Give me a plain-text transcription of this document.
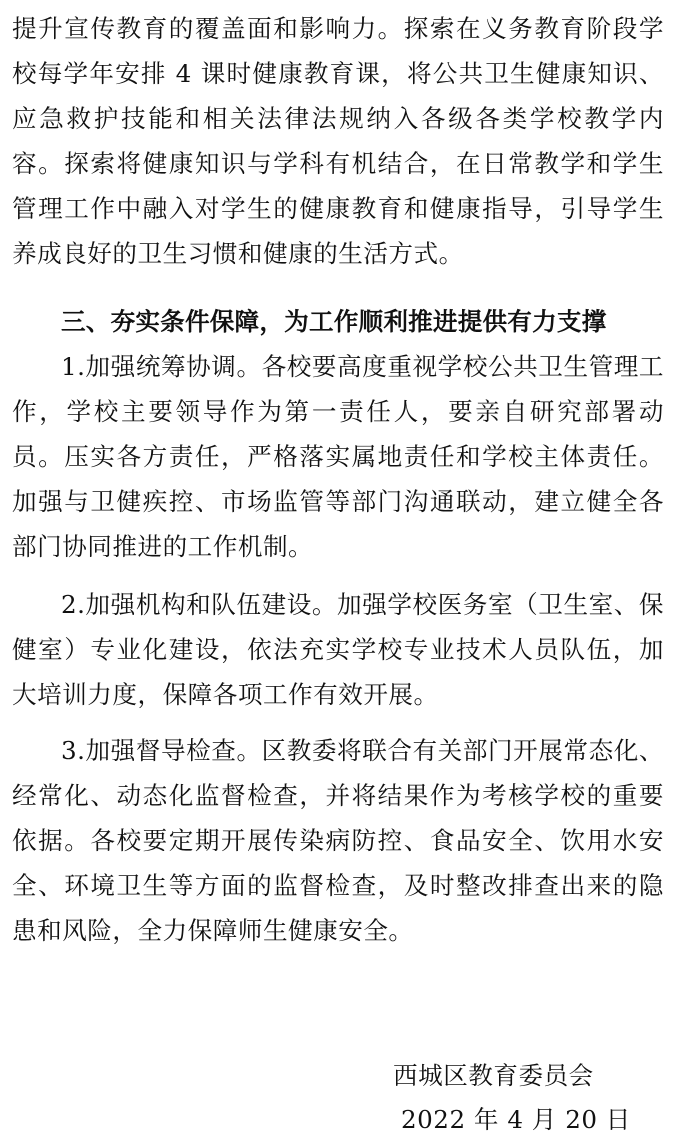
提升宣传教育的覆盖面和影响力。探索在义务教育阶段学校每学年安排 4 课时健康教育课，将公共卫生健康知识、应急救护技能和相关法律法规纳入各级各类学校教学内容。探索将健康知识与学科有机结合，在日常教学和学生管理工作中融入对学生的健康教育和健康指导，引导学生养成良好的卫生习惯和健康的生活方式。

三、夯实条件保障，为工作顺利推进提供有力支撑

1.加强统筹协调。各校要高度重视学校公共卫生管理工作，学校主要领导作为第一责任人，要亲自研究部署动员。压实各方责任，严格落实属地责任和学校主体责任。加强与卫健疾控、市场监管等部门沟通联动，建立健全各部门协同推进的工作机制。

2.加强机构和队伍建设。加强学校医务室（卫生室、保健室）专业化建设，依法充实学校专业技术人员队伍，加大培训力度，保障各项工作有效开展。

3.加强督导检查。区教委将联合有关部门开展常态化、经常化、动态化监督检查，并将结果作为考核学校的重要依据。各校要定期开展传染病防控、食品安全、饮用水安全、环境卫生等方面的监督检查，及时整改排查出来的隐患和风险，全力保障师生健康安全。

西城区教育委员会
2022 年 4 月 20 日
